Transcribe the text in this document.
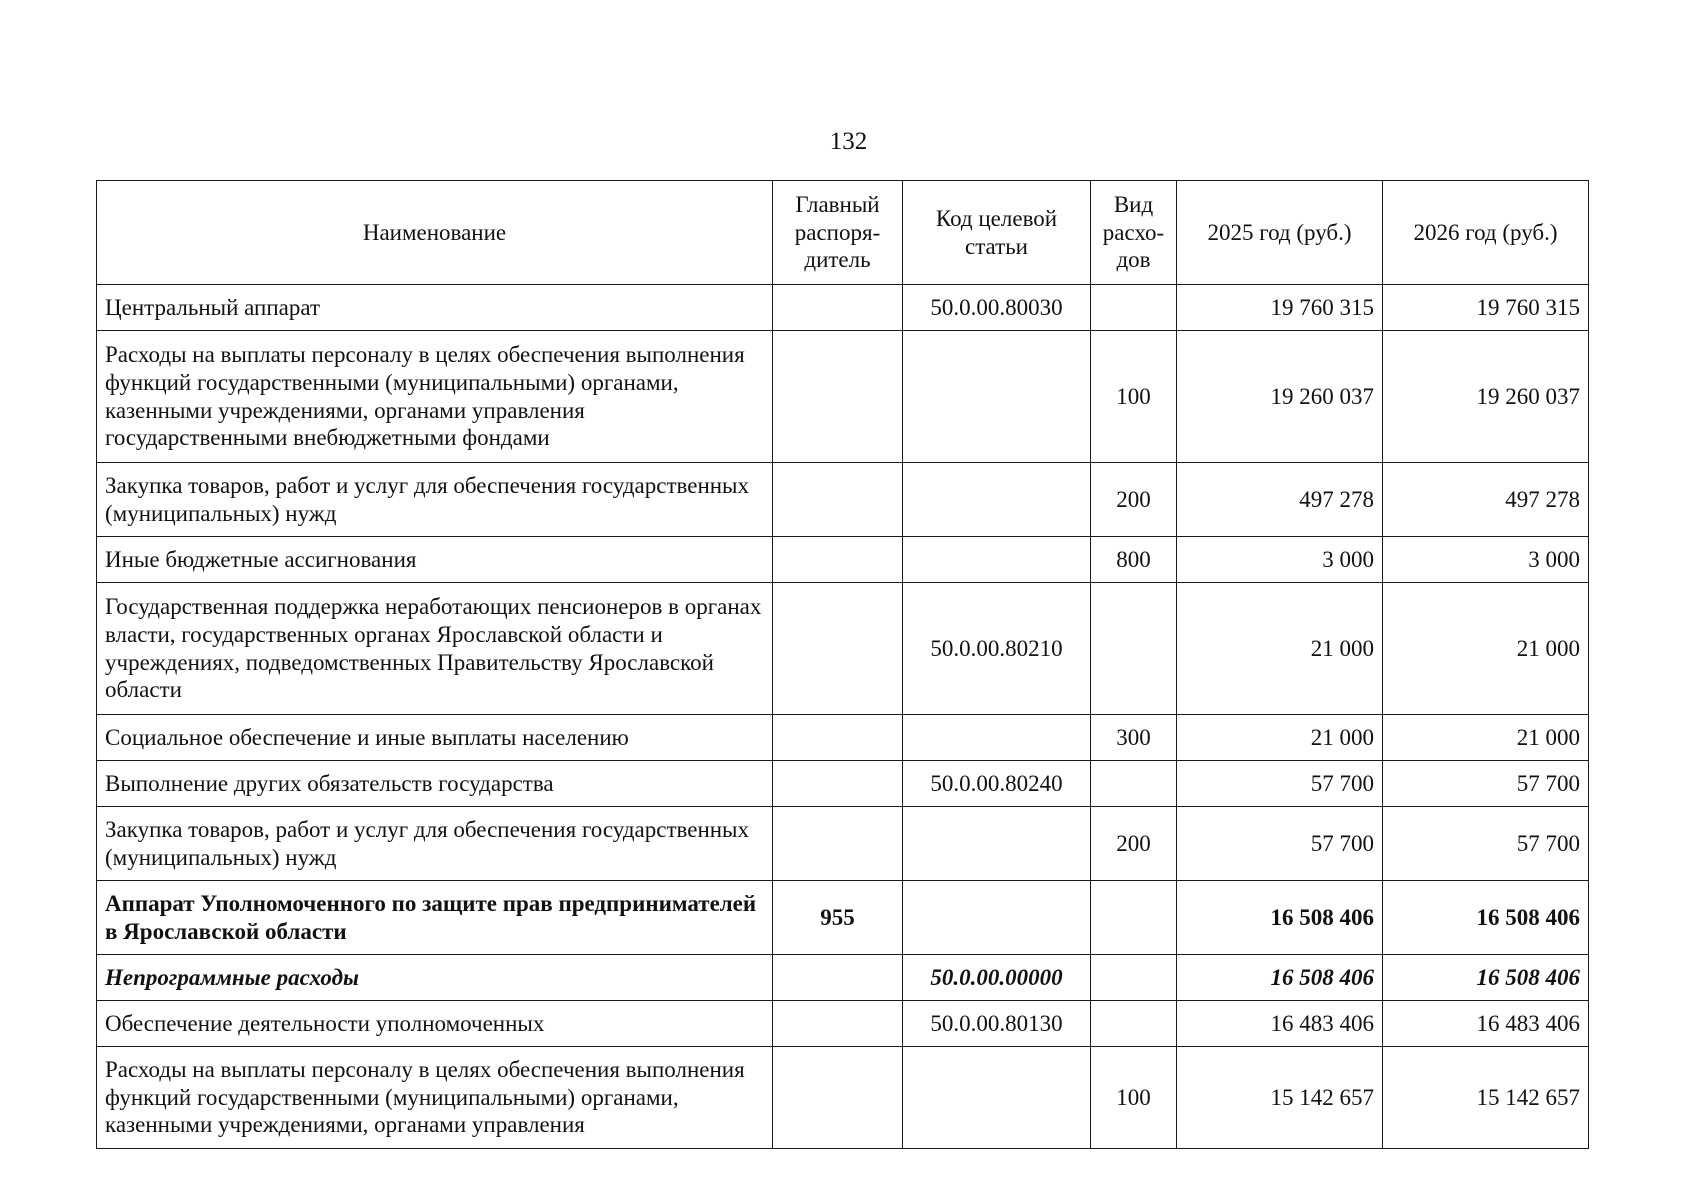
132
Наименование	Главный распоря-дитель	Код целевой статьи	Вид расхо-дов	2025 год (руб.)	2026 год (руб.)
Центральный аппарат		50.0.00.80030		19 760 315	19 760 315
Расходы на выплаты персоналу в целях обеспечения выполнения функций государственными (муниципальными) органами, казенными учреждениями, органами управления государственными внебюджетными фондами			100	19 260 037	19 260 037
Закупка товаров, работ и услуг для обеспечения государственных (муниципальных) нужд			200	497 278	497 278
Иные бюджетные ассигнования			800	3 000	3 000
Государственная поддержка неработающих пенсионеров в органах власти, государственных органах Ярославской области и учреждениях, подведомственных Правительству Ярославской области		50.0.00.80210		21 000	21 000
Социальное обеспечение и иные выплаты населению			300	21 000	21 000
Выполнение других обязательств государства		50.0.00.80240		57 700	57 700
Закупка товаров, работ и услуг для обеспечения государственных (муниципальных) нужд			200	57 700	57 700
Аппарат Уполномоченного по защите прав предпринимателей в Ярославской области	955			16 508 406	16 508 406
Непрограммные расходы		50.0.00.00000		16 508 406	16 508 406
Обеспечение деятельности уполномоченных		50.0.00.80130		16 483 406	16 483 406
Расходы на выплаты персоналу в целях обеспечения выполнения функций государственными (муниципальными) органами, казенными учреждениями, органами управления			100	15 142 657	15 142 657
